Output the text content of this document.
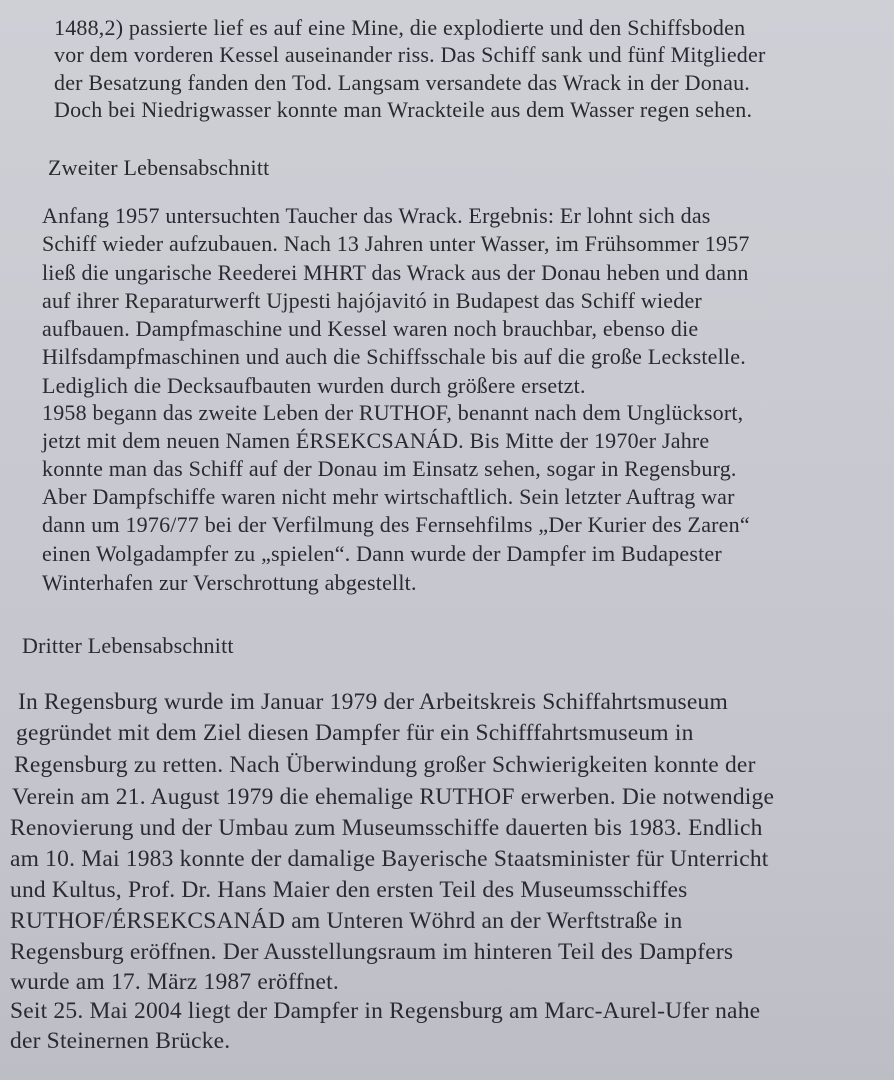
1488,2) passierte lief es auf eine Mine, die explodierte und den Schiffsboden
vor dem vorderen Kessel auseinander riss. Das Schiff sank und fünf Mitglieder
der Besatzung fanden den Tod. Langsam versandete das Wrack in der Donau.
Doch bei Niedrigwasser konnte man Wrackteile aus dem Wasser regen sehen.
Zweiter Lebensabschnitt
Anfang 1957 untersuchten Taucher das Wrack. Ergebnis: Er lohnt sich das
Schiff wieder aufzubauen. Nach 13 Jahren unter Wasser, im Frühsommer 1957
ließ die ungarische Reederei MHRT das Wrack aus der Donau heben und dann
auf ihrer Reparaturwerft Ujpesti hajójavitó in Budapest das Schiff wieder
aufbauen. Dampfmaschine und Kessel waren noch brauchbar, ebenso die
Hilfsdampfmaschinen und auch die Schiffsschale bis auf die große Leckstelle.
Lediglich die Decksaufbauten wurden durch größere ersetzt.
1958 begann das zweite Leben der RUTHOF, benannt nach dem Unglücksort,
jetzt mit dem neuen Namen ÉRSEKCSANÁD. Bis Mitte der 1970er Jahre
konnte man das Schiff auf der Donau im Einsatz sehen, sogar in Regensburg.
Aber Dampfschiffe waren nicht mehr wirtschaftlich. Sein letzter Auftrag war
dann um 1976/77 bei der Verfilmung des Fernsehfilms „Der Kurier des Zaren“
einen Wolgadampfer zu „spielen“. Dann wurde der Dampfer im Budapester
Winterhafen zur Verschrottung abgestellt.
Dritter Lebensabschnitt
In Regensburg wurde im Januar 1979 der Arbeitskreis Schiffahrtsmuseum
gegründet mit dem Ziel diesen Dampfer für ein Schifffahrtsmuseum in
Regensburg zu retten. Nach Überwindung großer Schwierigkeiten konnte der
Verein am 21. August 1979 die ehemalige RUTHOF erwerben. Die notwendige
Renovierung und der Umbau zum Museumsschiffe dauerten bis 1983. Endlich
am 10. Mai 1983 konnte der damalige Bayerische Staatsminister für Unterricht
und Kultus, Prof. Dr. Hans Maier den ersten Teil des Museumsschiffes
RUTHOF/ÉRSEKCSANÁD am Unteren Wöhrd an der Werftstraße in
Regensburg eröffnen. Der Ausstellungsraum im hinteren Teil des Dampfers
wurde am 17. März 1987 eröffnet.
Seit 25. Mai 2004 liegt der Dampfer in Regensburg am Marc-Aurel-Ufer nahe
der Steinernen Brücke.
